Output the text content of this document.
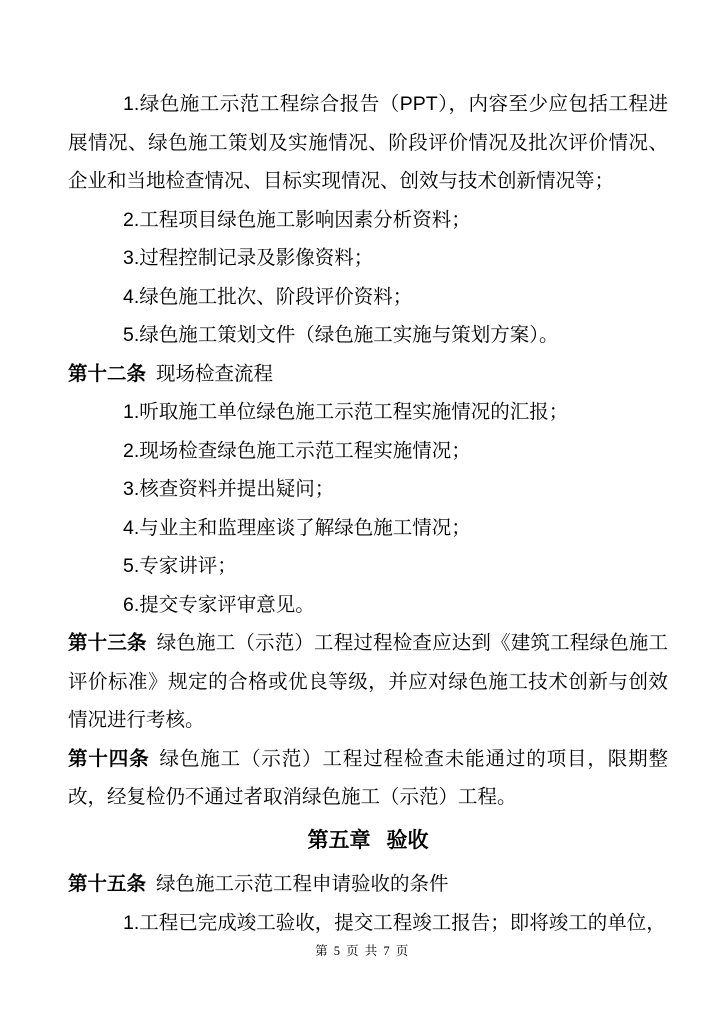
1.绿色施工示范工程综合报告（PPT），内容至少应包括工程进展情况、绿色施工策划及实施情况、阶段评价情况及批次评价情况、企业和当地检查情况、目标实现情况、创效与技术创新情况等；

2.工程项目绿色施工影响因素分析资料；

3.过程控制记录及影像资料；

4.绿色施工批次、阶段评价资料；

5.绿色施工策划文件（绿色施工实施与策划方案）。

第十二条 现场检查流程

1.听取施工单位绿色施工示范工程实施情况的汇报；

2.现场检查绿色施工示范工程实施情况；

3.核查资料并提出疑问；

4.与业主和监理座谈了解绿色施工情况；

5.专家讲评；

6.提交专家评审意见。

第十三条 绿色施工（示范）工程过程检查应达到《建筑工程绿色施工评价标准》规定的合格或优良等级，并应对绿色施工技术创新与创效情况进行考核。

第十四条 绿色施工（示范）工程过程检查未能通过的项目，限期整改，经复检仍不通过者取消绿色施工（示范）工程。

第五章 验收

第十五条 绿色施工示范工程申请验收的条件

1.工程已完成竣工验收，提交工程竣工报告；即将竣工的单位，

第 5 页 共 7 页
